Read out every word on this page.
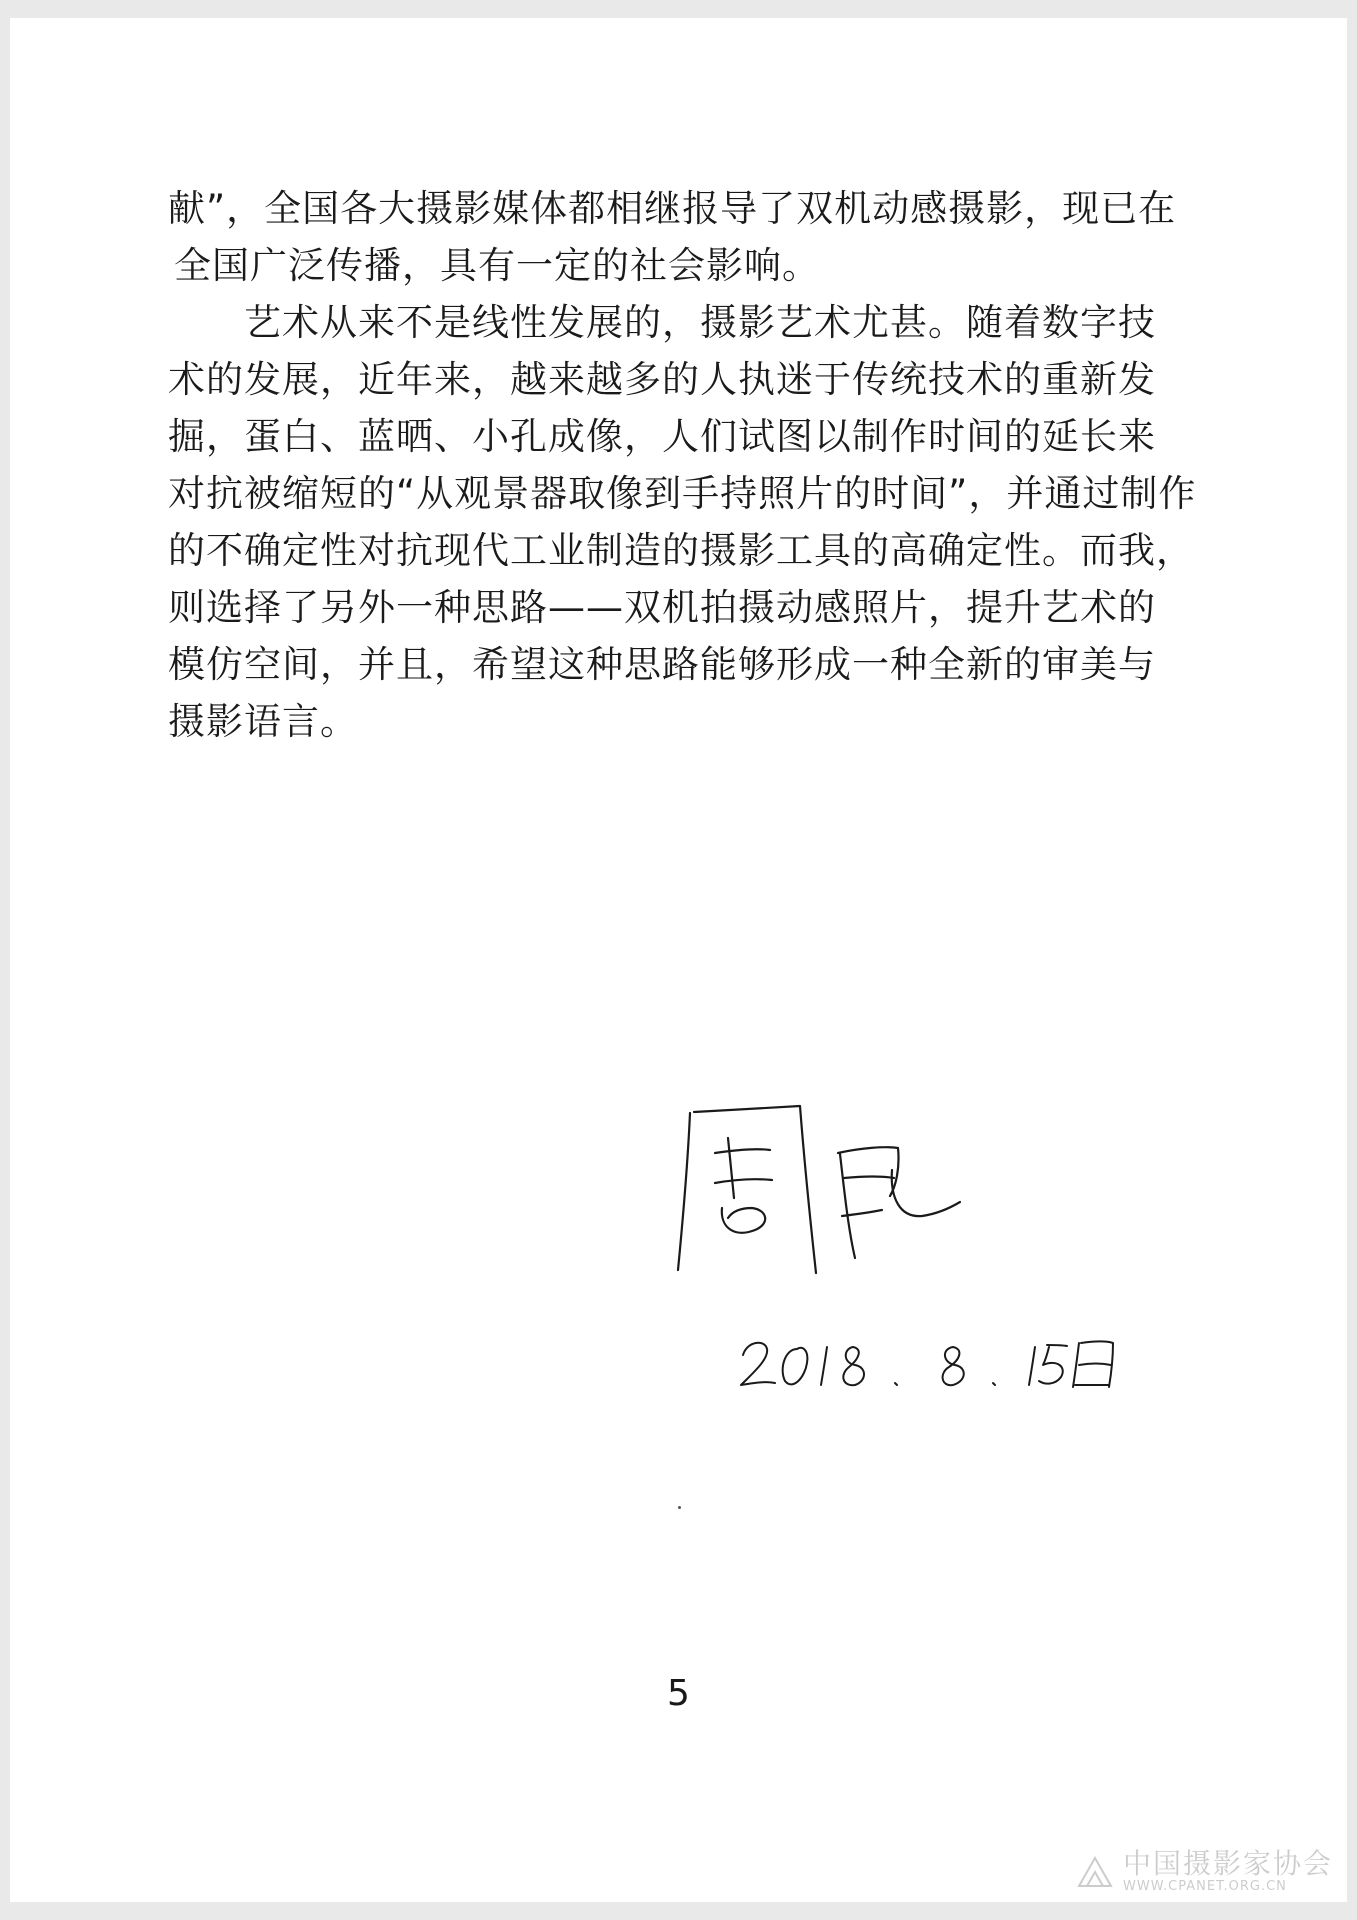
献”，全国各大摄影媒体都相继报导了双机动感摄影，现已在
全国广泛传播，具有一定的社会影响。
艺术从来不是线性发展的，摄影艺术尤甚。随着数字技
术的发展，近年来，越来越多的人执迷于传统技术的重新发
掘，蛋白、蓝晒、小孔成像，人们试图以制作时间的延长来
对抗被缩短的“从观景器取像到手持照片的时间”，并通过制作
的不确定性对抗现代工业制造的摄影工具的高确定性。而我，
则选择了另外一种思路——双机拍摄动感照片，提升艺术的
模仿空间，并且，希望这种思路能够形成一种全新的审美与
摄影语言。
5
中国摄影家协会
WWW.CPANET.ORG.CN
